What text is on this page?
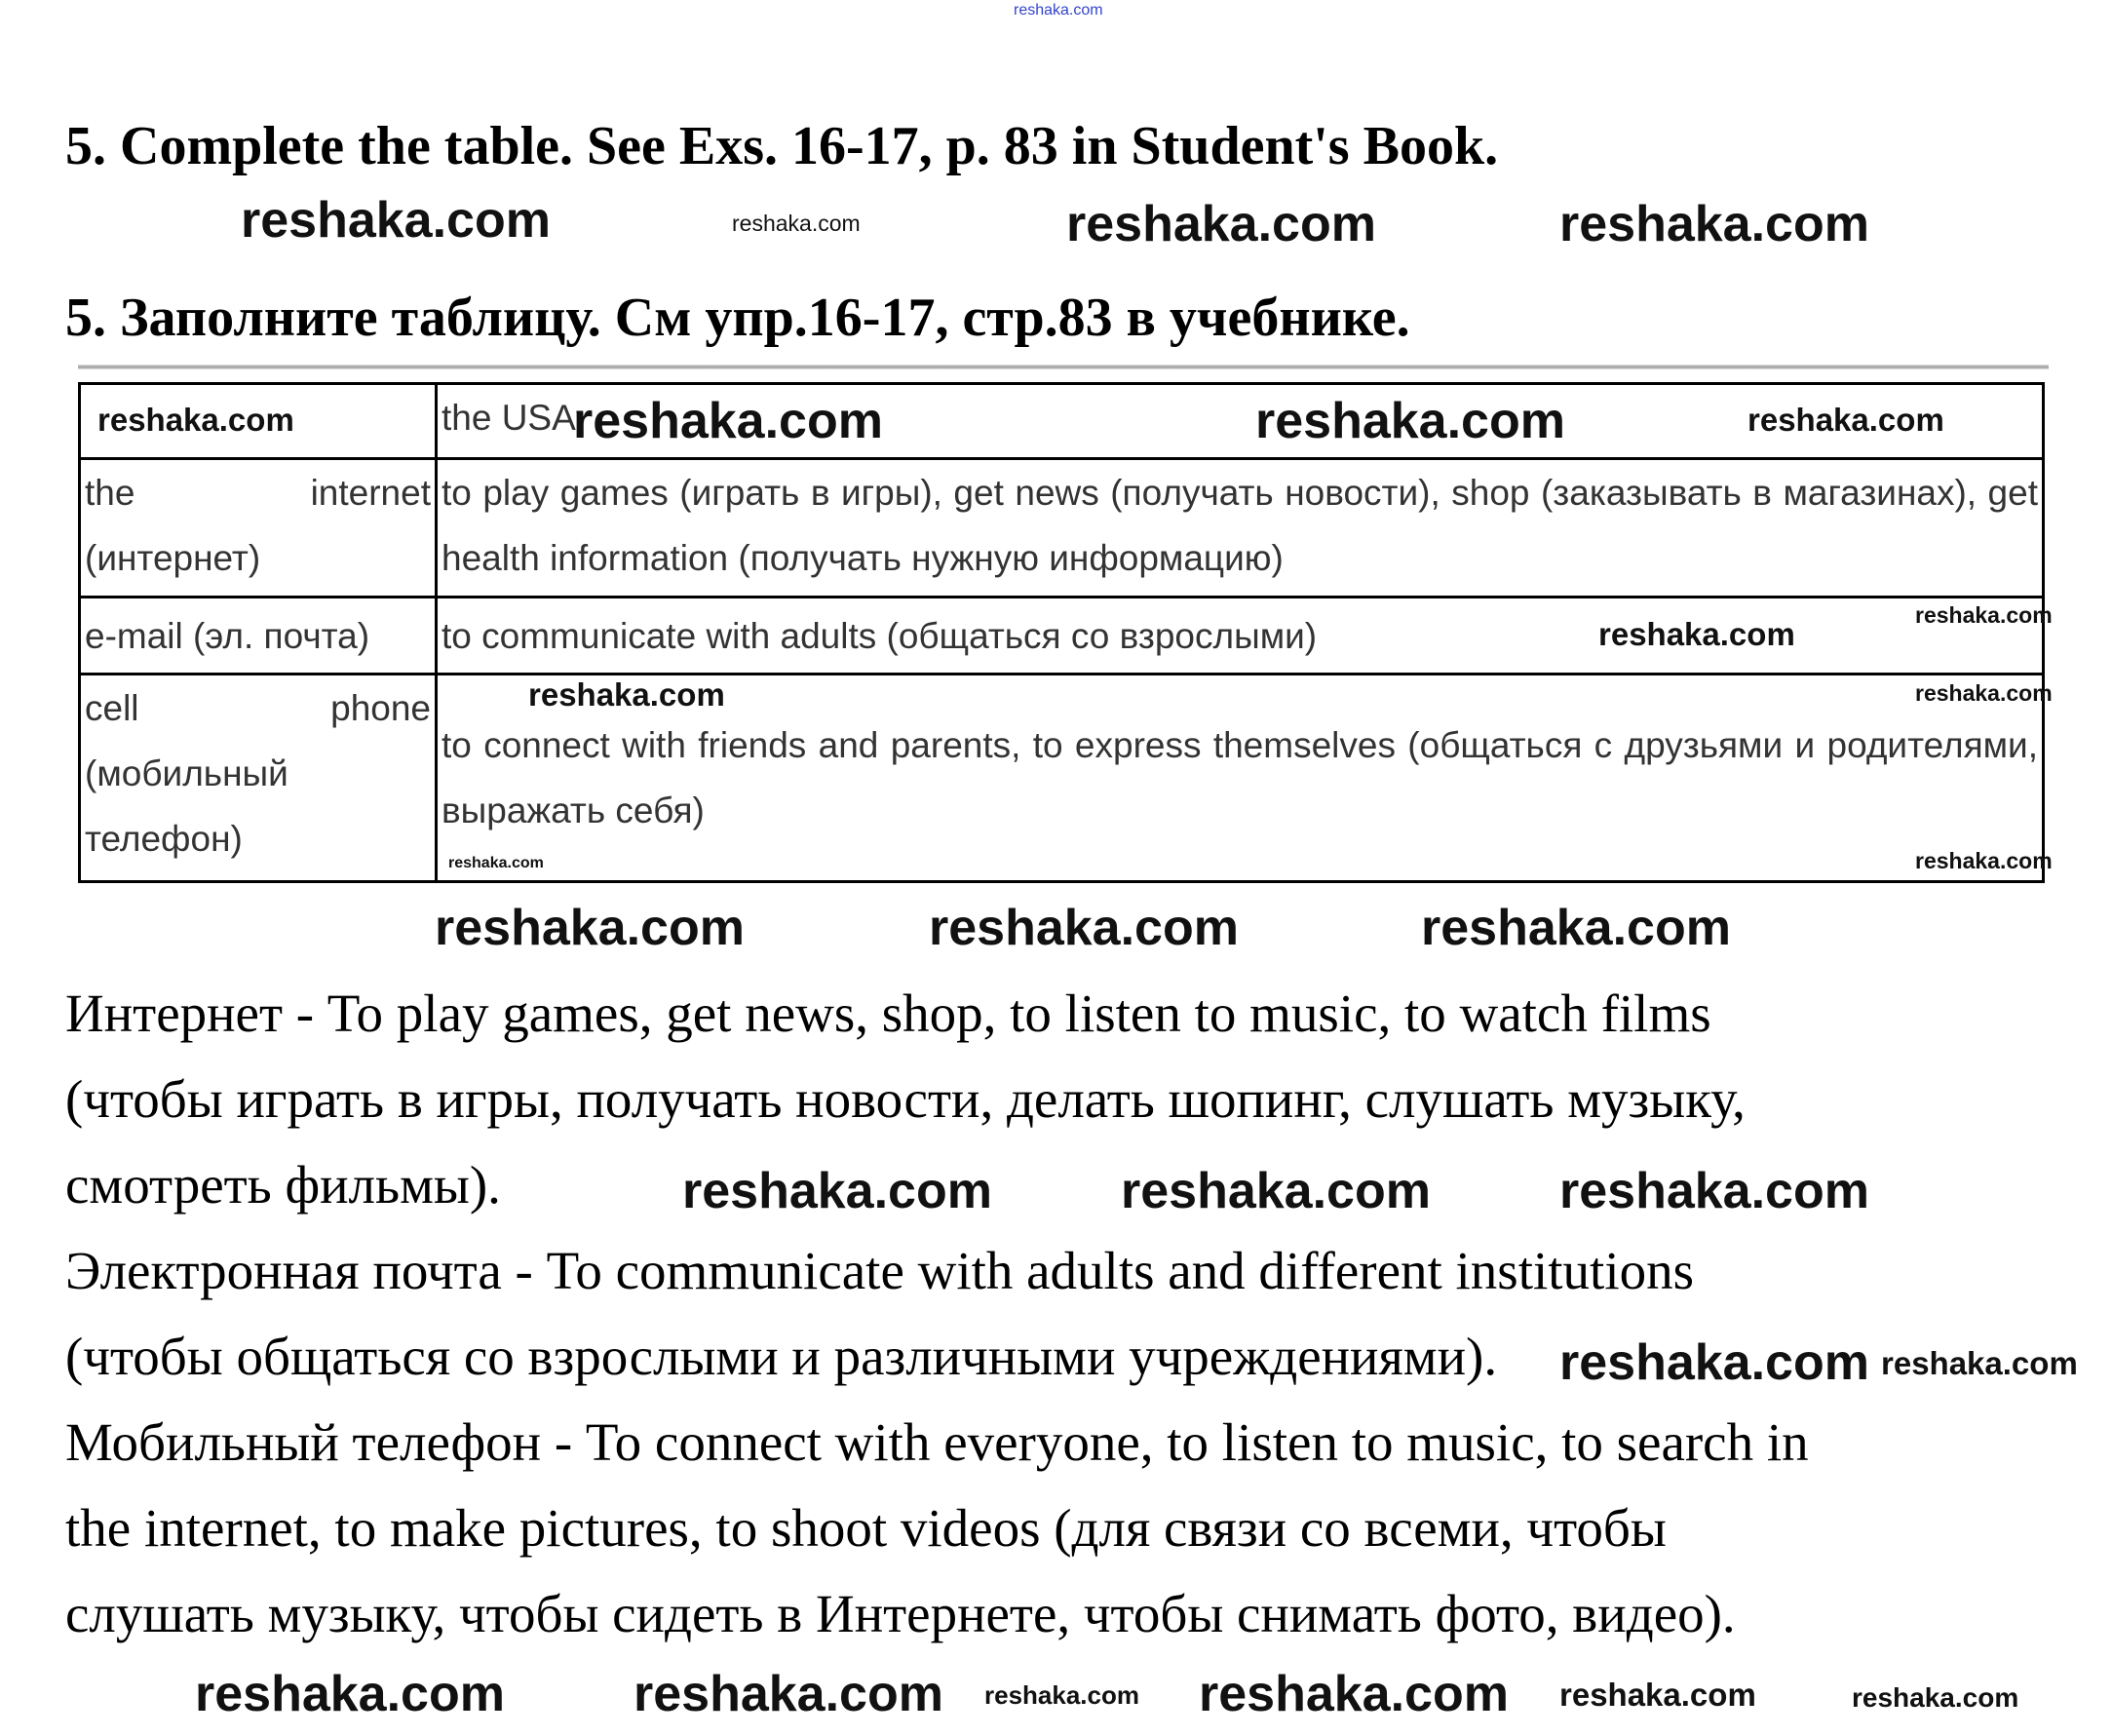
reshaka.com
5. Complete the table. See Exs. 16-17, p. 83 in Student's Book.
5. Заполните таблицу. См упр.16-17, стр.83 в учебнике.
	the USA
the internet (интернет)	to play games (играть в игры), get news (получать новости), shop (заказывать в магазинах), get health information (получать нужную информацию)
e-mail (эл. почта)	to communicate with adults (общаться со взрослыми)
cell phone (мобильный телефон)	to connect with friends and parents, to express themselves (общаться с друзьями и родителями, выражать себя)
Интернет - To play games, get news, shop, to listen to music, to watch films
(чтобы играть в игры, получать новости, делать шопинг, слушать музыку,
смотреть фильмы).
Электронная почта - To communicate with adults and different institutions
(чтобы общаться со взрослыми и различными учреждениями).
Мобильный телефон - To connect with everyone, to listen to music, to search in
the internet, to make pictures, to shoot videos (для связи со всеми, чтобы
слушать музыку, чтобы сидеть в Интернете, чтобы снимать фото, видео).
reshaka.com	reshaka.com	reshaka.com	reshaka.com
reshaka.com	reshaka.com	reshaka.com	reshaka.com
reshaka.com
reshaka.com
reshaka.com	reshaka.com
reshaka.com
reshaka.com
reshaka.com	reshaka.com	reshaka.com
reshaka.com	reshaka.com	reshaka.com
reshaka.com reshaka.com
reshaka.com	reshaka.com reshaka.com reshaka.com reshaka.com	reshaka.com
